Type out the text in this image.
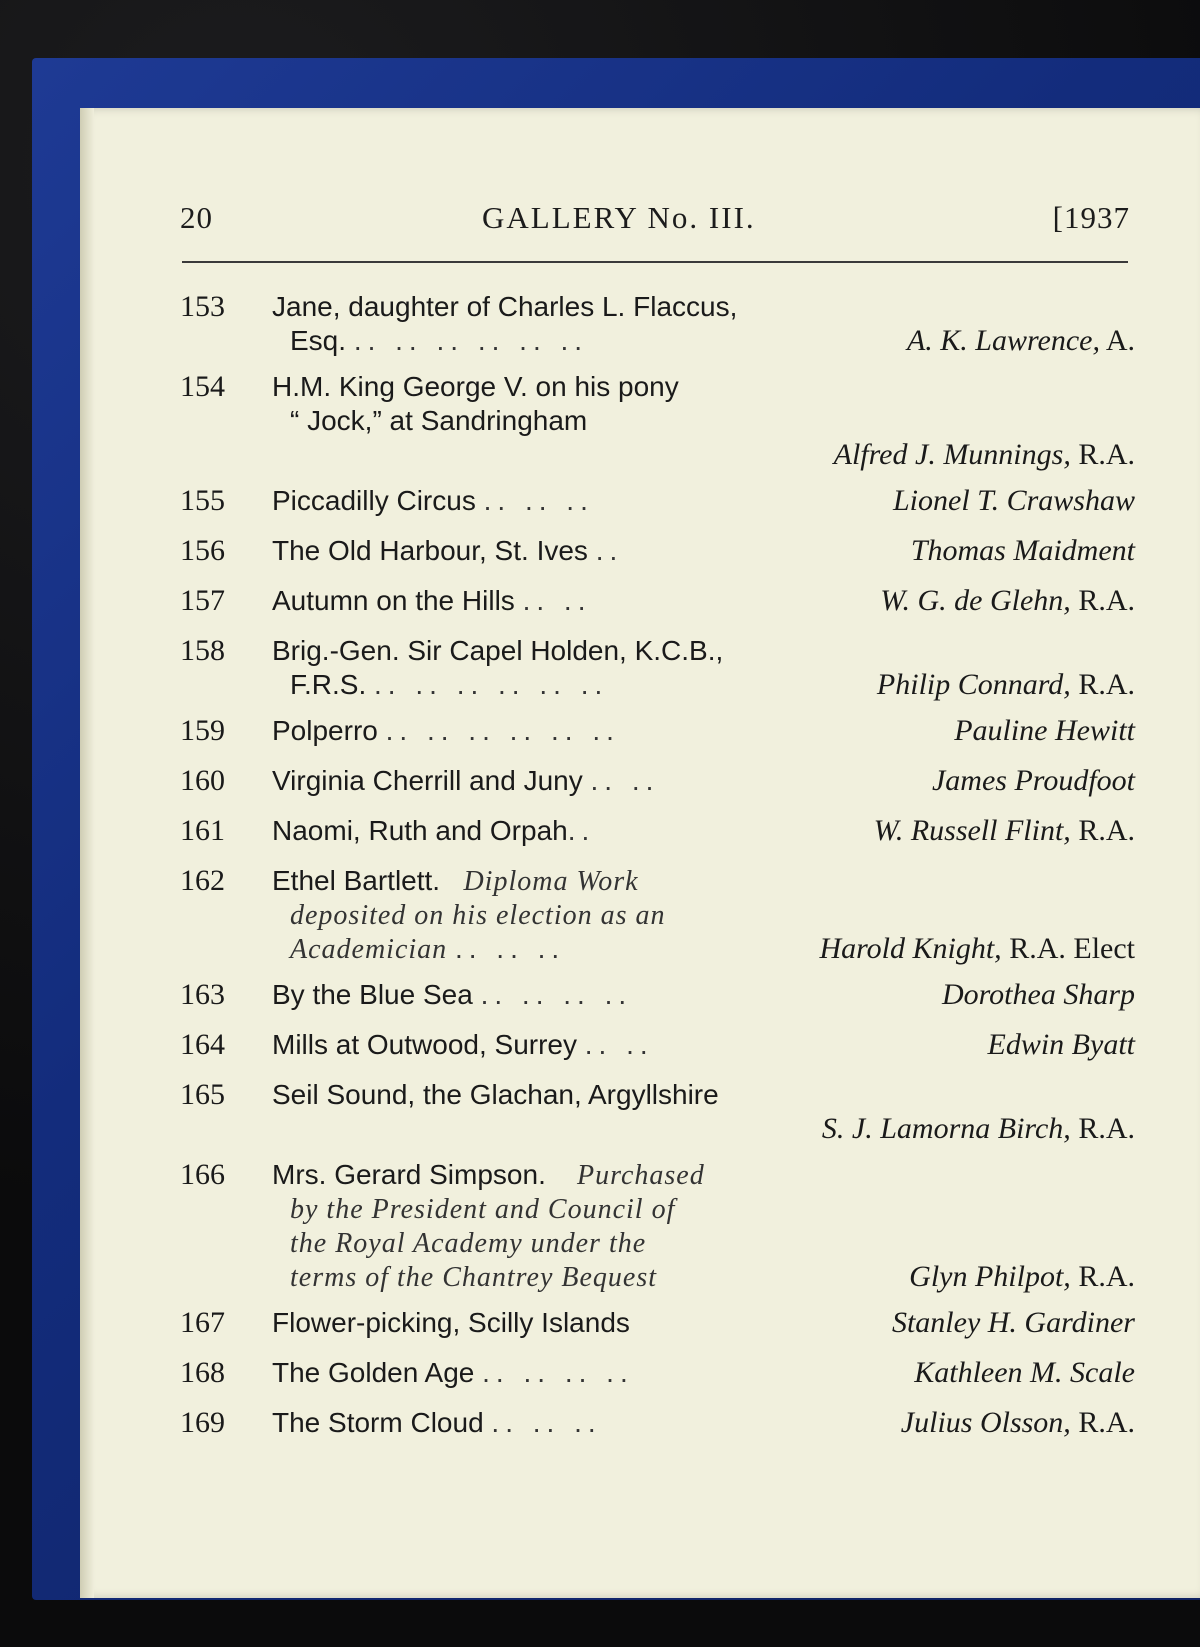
20	GALLERY No. III.	[1937
153 Jane, daughter of Charles L. Flaccus,
Esq. .. .. .. .. .. ..	A. K. Lawrence, A.
154 H.M. King George V. on his pony
“ Jock,” at Sandringham
Alfred J. Munnings, R.A.
155 Piccadilly Circus .. .. ..	Lionel T. Crawshaw
156 The Old Harbour, St. Ives ..	Thomas Maidment
157 Autumn on the Hills .. ..	W. G. de Glehn, R.A.
158 Brig.-Gen. Sir Capel Holden, K.C.B.,
F.R.S. .. .. .. .. .. ..	Philip Connard, R.A.
159 Polperro .. .. .. .. .. ..	Pauline Hewitt
160 Virginia Cherrill and Juny .. ..	James Proudfoot
161 Naomi, Ruth and Orpah..	W. Russell Flint, R.A.
162 Ethel Bartlett. Diploma Work
deposited on his election as an
Academician .. .. ..	Harold Knight, R.A. Elect
163 By the Blue Sea .. .. .. ..	Dorothea Sharp
164 Mills at Outwood, Surrey .. ..	Edwin Byatt
165 Seil Sound, the Glachan, Argyllshire
S. J. Lamorna Birch, R.A.
166 Mrs. Gerard Simpson. Purchased
by the President and Council of
the Royal Academy under the
terms of the Chantrey Bequest	Glyn Philpot, R.A.
167 Flower-picking, Scilly Islands	Stanley H. Gardiner
168 The Golden Age .. .. .. ..	Kathleen M. Scale
169 The Storm Cloud .. .. ..	Julius Olsson, R.A.
